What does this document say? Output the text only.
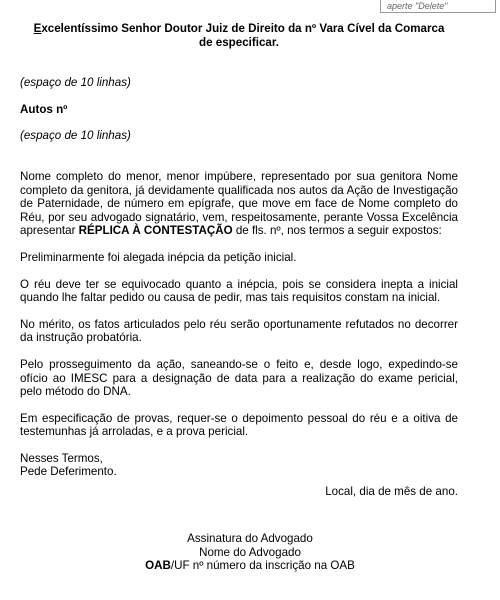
aperte "Delete"
Excelentíssimo Senhor Doutor Juiz de Direito da nº Vara Cível da Comarca
de especificar.

(espaço de 10 linhas)

Autos nº

(espaço de 10 linhas)

Nome completo do menor, menor impúbere, representado por sua genitora Nome completo da genitora, já devidamente qualificada nos autos da Ação de Investigação de Paternidade, de número em epígrafe, que move em face de Nome completo do Réu, por seu advogado signatário, vem, respeitosamente, perante Vossa Excelência apresentar RÉPLICA À CONTESTAÇÃO de fls. nº, nos termos a seguir expostos:

Preliminarmente foi alegada inépcia da petição inicial.

O réu deve ter se equivocado quanto a inépcia, pois se considera inepta a inicial quando lhe faltar pedido ou causa de pedir, mas tais requisitos constam na inicial.

No mérito, os fatos articulados pelo réu serão oportunamente refutados no decorrer da instrução probatória.

Pelo prosseguimento da ação, saneando-se o feito e, desde logo, expedindo-se ofício ao IMESC para a designação de data para a realização do exame pericial, pelo método do DNA.

Em especificação de provas, requer-se o depoimento pessoal do réu e a oitiva de testemunhas já arroladas, e a prova pericial.

Nesses Termos,
Pede Deferimento.

Local, dia de mês de ano.

Assinatura do Advogado
Nome do Advogado
OAB/UF nº número da inscrição na OAB
